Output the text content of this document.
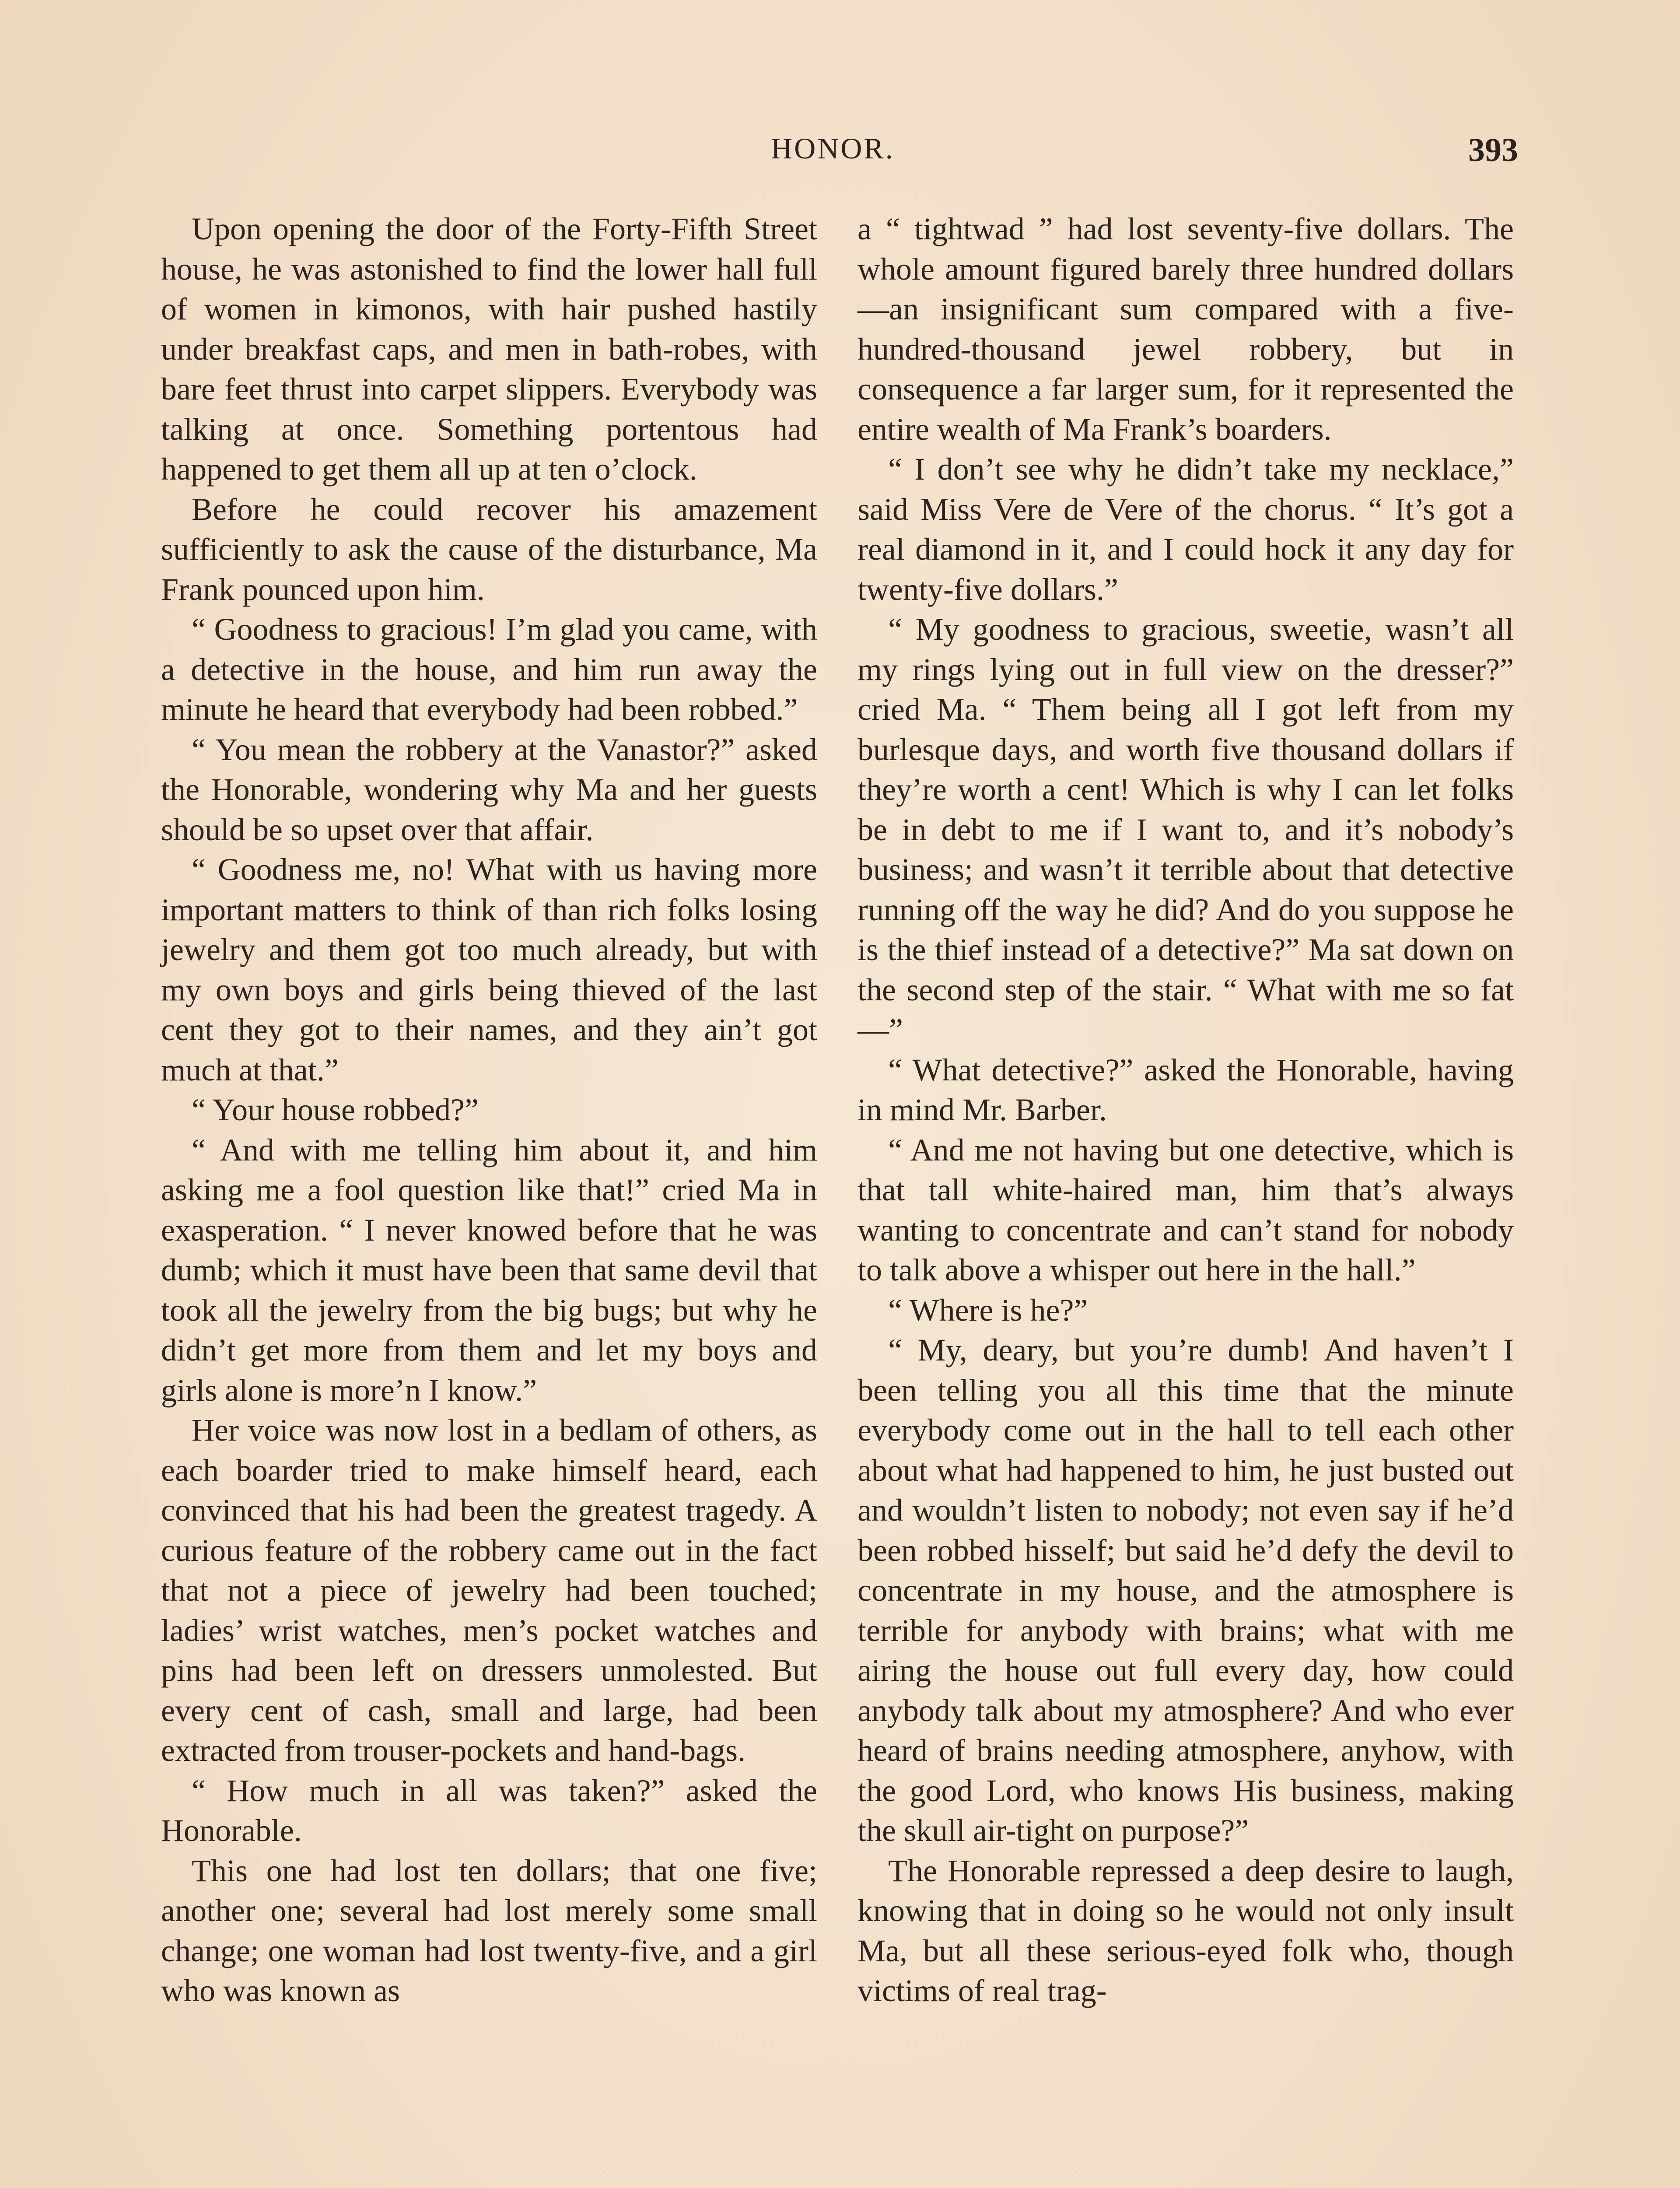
HONOR.	393

Upon opening the door of the Forty-Fifth Street house, he was astonished to find the lower hall full of women in kimonos, with hair pushed hastily under breakfast caps, and men in bath-robes, with bare feet thrust into carpet slippers. Everybody was talking at once. Something portentous had happened to get them all up at ten o’clock.

Before he could recover his amazement sufficiently to ask the cause of the disturbance, Ma Frank pounced upon him.

“ Goodness to gracious! I’m glad you came, with a detective in the house, and him run away the minute he heard that everybody had been robbed.”

“ You mean the robbery at the Vanastor?” asked the Honorable, wondering why Ma and her guests should be so upset over that affair.

“ Goodness me, no! What with us having more important matters to think of than rich folks losing jewelry and them got too much already, but with my own boys and girls being thieved of the last cent they got to their names, and they ain’t got much at that.”

“ Your house robbed?”

“ And with me telling him about it, and him asking me a fool question like that!” cried Ma in exasperation. “ I never knowed before that he was dumb; which it must have been that same devil that took all the jewelry from the big bugs; but why he didn’t get more from them and let my boys and girls alone is more’n I know.”

Her voice was now lost in a bedlam of others, as each boarder tried to make himself heard, each convinced that his had been the greatest tragedy. A curious feature of the robbery came out in the fact that not a piece of jewelry had been touched; ladies’ wrist watches, men’s pocket watches and pins had been left on dressers unmolested. But every cent of cash, small and large, had been extracted from trouser-pockets and hand-bags.

“ How much in all was taken?” asked the Honorable.

This one had lost ten dollars; that one five; another one; several had lost merely some small change; one woman had lost twenty-five, and a girl who was known as

a “ tightwad ” had lost seventy-five dollars. The whole amount figured barely three hundred dollars—an insignificant sum compared with a five-hundred-thousand jewel robbery, but in consequence a far larger sum, for it represented the entire wealth of Ma Frank’s boarders.

“ I don’t see why he didn’t take my necklace,” said Miss Vere de Vere of the chorus. “ It’s got a real diamond in it, and I could hock it any day for twenty-five dollars.”

“ My goodness to gracious, sweetie, wasn’t all my rings lying out in full view on the dresser?” cried Ma. “ Them being all I got left from my burlesque days, and worth five thousand dollars if they’re worth a cent! Which is why I can let folks be in debt to me if I want to, and it’s nobody’s business; and wasn’t it terrible about that detective running off the way he did? And do you suppose he is the thief instead of a detective?” Ma sat down on the second step of the stair. “ What with me so fat—”

“ What detective?” asked the Honorable, having in mind Mr. Barber.

“ And me not having but one detective, which is that tall white-haired man, him that’s always wanting to concentrate and can’t stand for nobody to talk above a whisper out here in the hall.”

“ Where is he?”

“ My, deary, but you’re dumb! And haven’t I been telling you all this time that the minute everybody come out in the hall to tell each other about what had happened to him, he just busted out and wouldn’t listen to nobody; not even say if he’d been robbed hisself; but said he’d defy the devil to concentrate in my house, and the atmosphere is terrible for anybody with brains; what with me airing the house out full every day, how could anybody talk about my atmosphere? And who ever heard of brains needing atmosphere, anyhow, with the good Lord, who knows His business, making the skull air-tight on purpose?”

The Honorable repressed a deep desire to laugh, knowing that in doing so he would not only insult Ma, but all these serious-eyed folk who, though victims of real trag-
